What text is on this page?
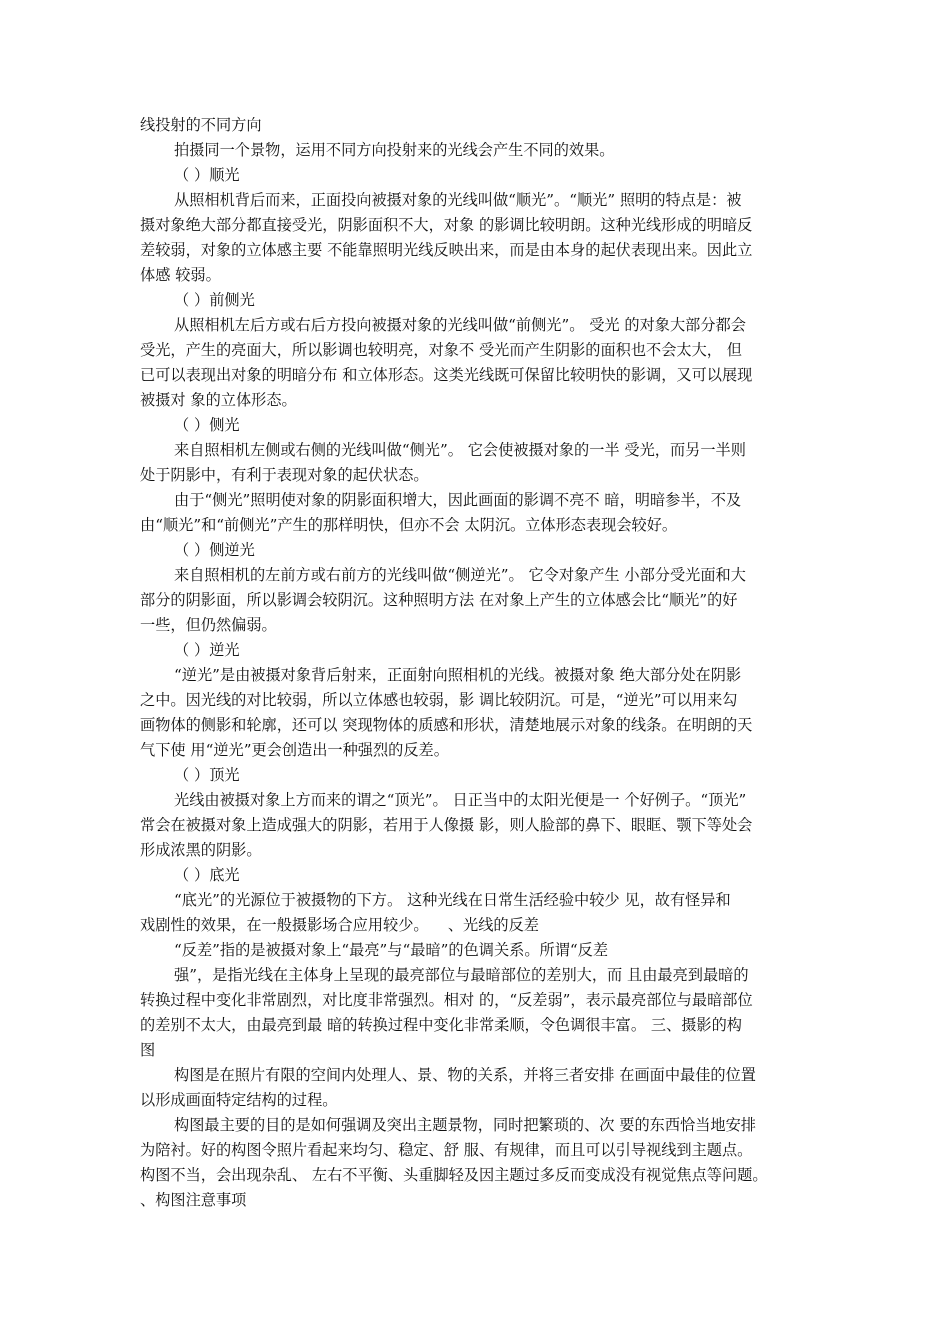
线投射的不同方向
拍摄同一个景物，运用不同方向投射来的光线会产生不同的效果。
（ ）顺光
从照相机背后而来，正面投向被摄对象的光线叫做“顺光”。“顺光” 照明的特点是：被
摄对象绝大部分都直接受光，阴影面积不大，对象 的影调比较明朗。这种光线形成的明暗反
差较弱，对象的立体感主要 不能靠照明光线反映出来，而是由本身的起伏表现出来。因此立
体感 较弱。
（ ）前侧光
从照相机左后方或右后方投向被摄对象的光线叫做“前侧光”。 受光 的对象大部分都会
受光，产生的亮面大，所以影调也较明亮，对象不 受光而产生阴影的面积也不会太大， 但
已可以表现出对象的明暗分布 和立体形态。这类光线既可保留比较明快的影调，又可以展现
被摄对 象的立体形态。
（ ）侧光
来自照相机左侧或右侧的光线叫做“侧光”。 它会使被摄对象的一半 受光，而另一半则
处于阴影中，有利于表现对象的起伏状态。
由于“侧光”照明使对象的阴影面积增大，因此画面的影调不亮不 暗，明暗参半，不及
由“顺光”和“前侧光”产生的那样明快，但亦不会 太阴沉。立体形态表现会较好。
（ ）侧逆光
来自照相机的左前方或右前方的光线叫做“侧逆光”。 它令对象产生 小部分受光面和大
部分的阴影面，所以影调会较阴沉。这种照明方法 在对象上产生的立体感会比“顺光”的好
一些，但仍然偏弱。
（ ）逆光
“逆光”是由被摄对象背后射来，正面射向照相机的光线。被摄对象 绝大部分处在阴影
之中。因光线的对比较弱，所以立体感也较弱，影 调比较阴沉。可是，“逆光”可以用来勾
画物体的侧影和轮廓，还可以 突现物体的质感和形状，清楚地展示对象的线条。在明朗的天
气下使 用“逆光”更会创造出一种强烈的反差。
（ ）顶光
光线由被摄对象上方而来的谓之“顶光”。 日正当中的太阳光便是一 个好例子。“顶光”
常会在被摄对象上造成强大的阴影，若用于人像摄 影，则人脸部的鼻下、眼眶、颚下等处会
形成浓黑的阴影。
（ ）底光
“底光”的光源位于被摄物的下方。 这种光线在日常生活经验中较少 见，故有怪异和
戏剧性的效果，在一般摄影场合应用较少。    、光线的反差
“反差”指的是被摄对象上“最亮”与“最暗”的色调关系。所谓“反差
强”，是指光线在主体身上呈现的最亮部位与最暗部位的差别大，而 且由最亮到最暗的
转换过程中变化非常剧烈，对比度非常强烈。相对 的，“反差弱”，表示最亮部位与最暗部位
的差别不太大，由最亮到最 暗的转换过程中变化非常柔顺，令色调很丰富。 三、摄影的构
图
构图是在照片有限的空间内处理人、景、物的关系，并将三者安排 在画面中最佳的位置
以形成画面特定结构的过程。
构图最主要的目的是如何强调及突出主题景物，同时把繁琐的、次 要的东西恰当地安排
为陪衬。好的构图令照片看起来均匀、稳定、舒 服、有规律，而且可以引导视线到主题点。
构图不当，会出现杂乱、 左右不平衡、头重脚轻及因主题过多反而变成没有视觉焦点等问题。
、构图注意事项
